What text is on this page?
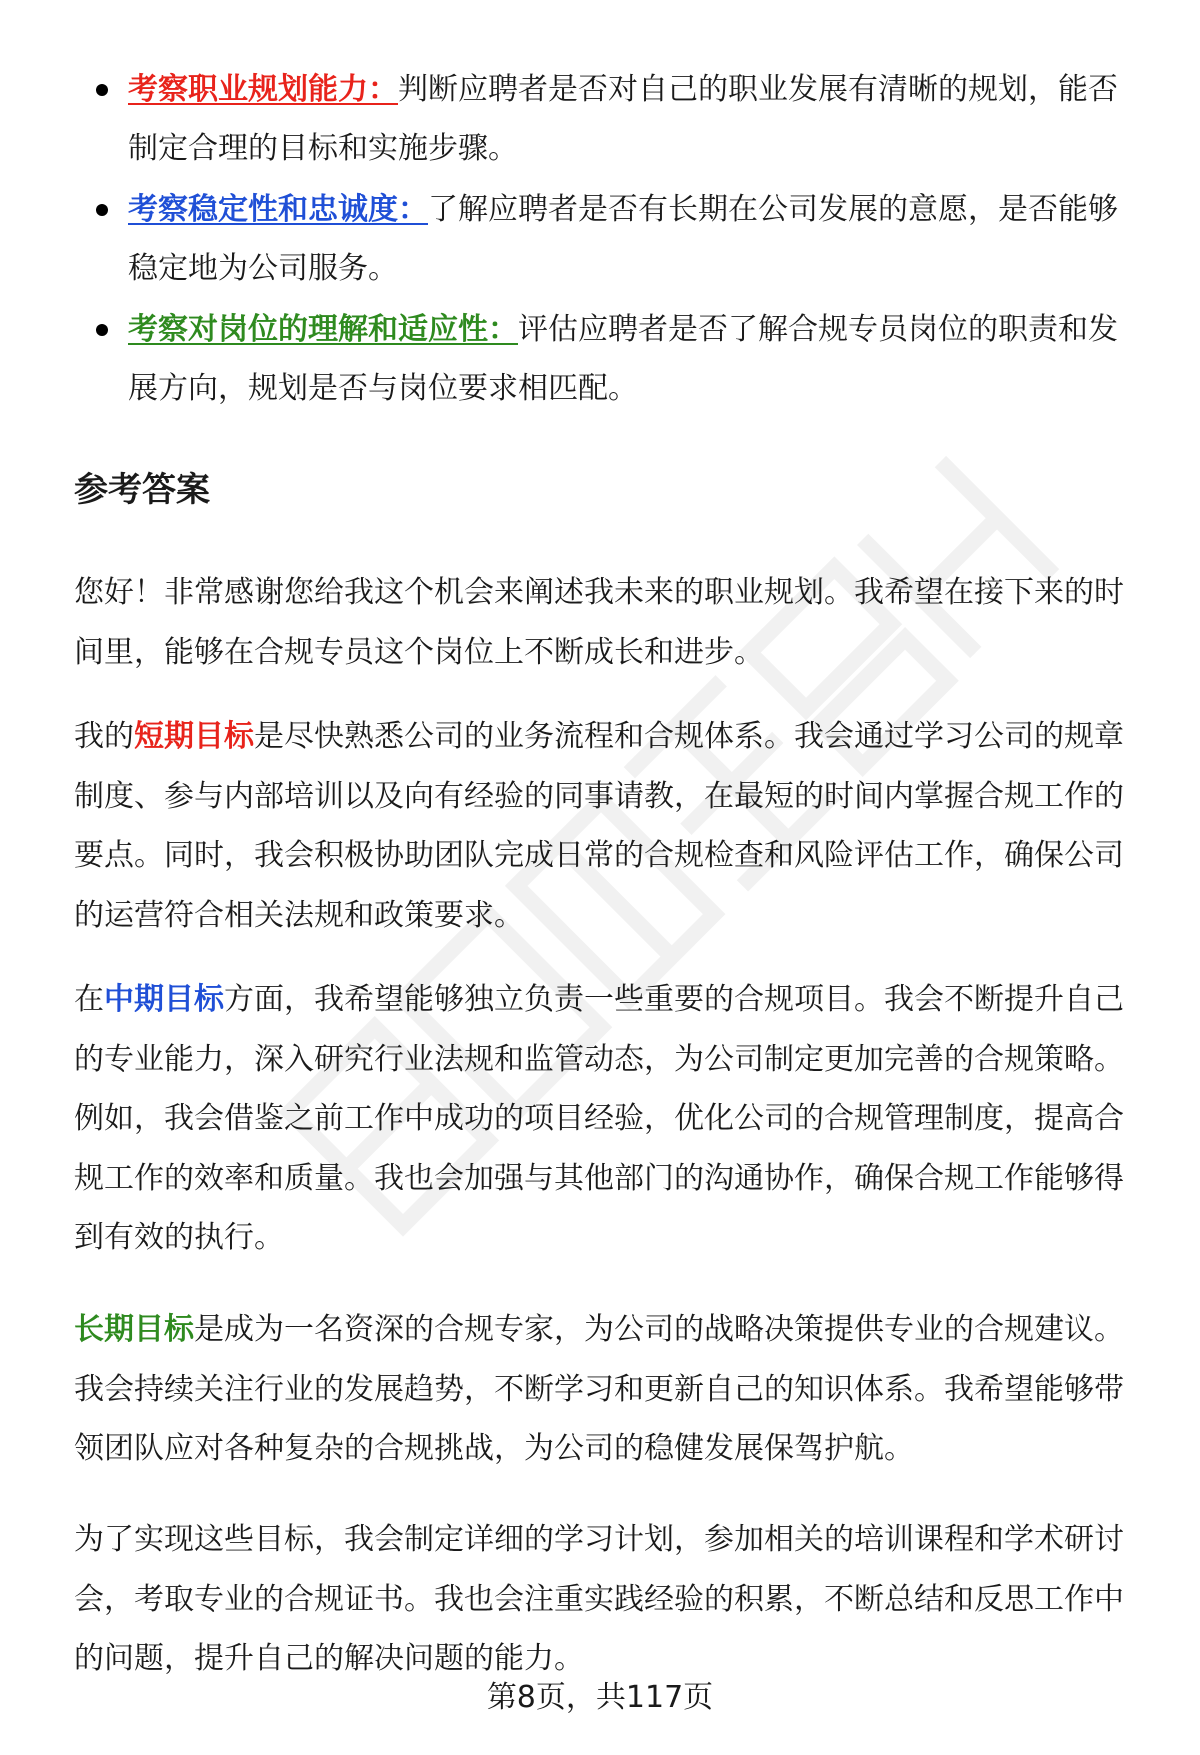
考察职业规划能力：判断应聘者是否对自己的职业发展有清晰的规划，能否制定合理的目标和实施步骤。
考察稳定性和忠诚度：了解应聘者是否有长期在公司发展的意愿，是否能够稳定地为公司服务。
考察对岗位的理解和适应性：评估应聘者是否了解合规专员岗位的职责和发展方向，规划是否与岗位要求相匹配。
参考答案

您好！非常感谢您给我这个机会来阐述我未来的职业规划。我希望在接下来的时间里，能够在合规专员这个岗位上不断成长和进步。

我的短期目标是尽快熟悉公司的业务流程和合规体系。我会通过学习公司的规章制度、参与内部培训以及向有经验的同事请教，在最短的时间内掌握合规工作的要点。同时，我会积极协助团队完成日常的合规检查和风险评估工作，确保公司的运营符合相关法规和政策要求。

在中期目标方面，我希望能够独立负责一些重要的合规项目。我会不断提升自己的专业能力，深入研究行业法规和监管动态，为公司制定更加完善的合规策略。例如，我会借鉴之前工作中成功的项目经验，优化公司的合规管理制度，提高合规工作的效率和质量。我也会加强与其他部门的沟通协作，确保合规工作能够得到有效的执行。

长期目标是成为一名资深的合规专家，为公司的战略决策提供专业的合规建议。我会持续关注行业的发展趋势，不断学习和更新自己的知识体系。我希望能够带领团队应对各种复杂的合规挑战，为公司的稳健发展保驾护航。

为了实现这些目标，我会制定详细的学习计划，参加相关的培训课程和学术研讨会，考取专业的合规证书。我也会注重实践经验的积累，不断总结和反思工作中的问题，提升自己的解决问题的能力。

第8页，共117页
